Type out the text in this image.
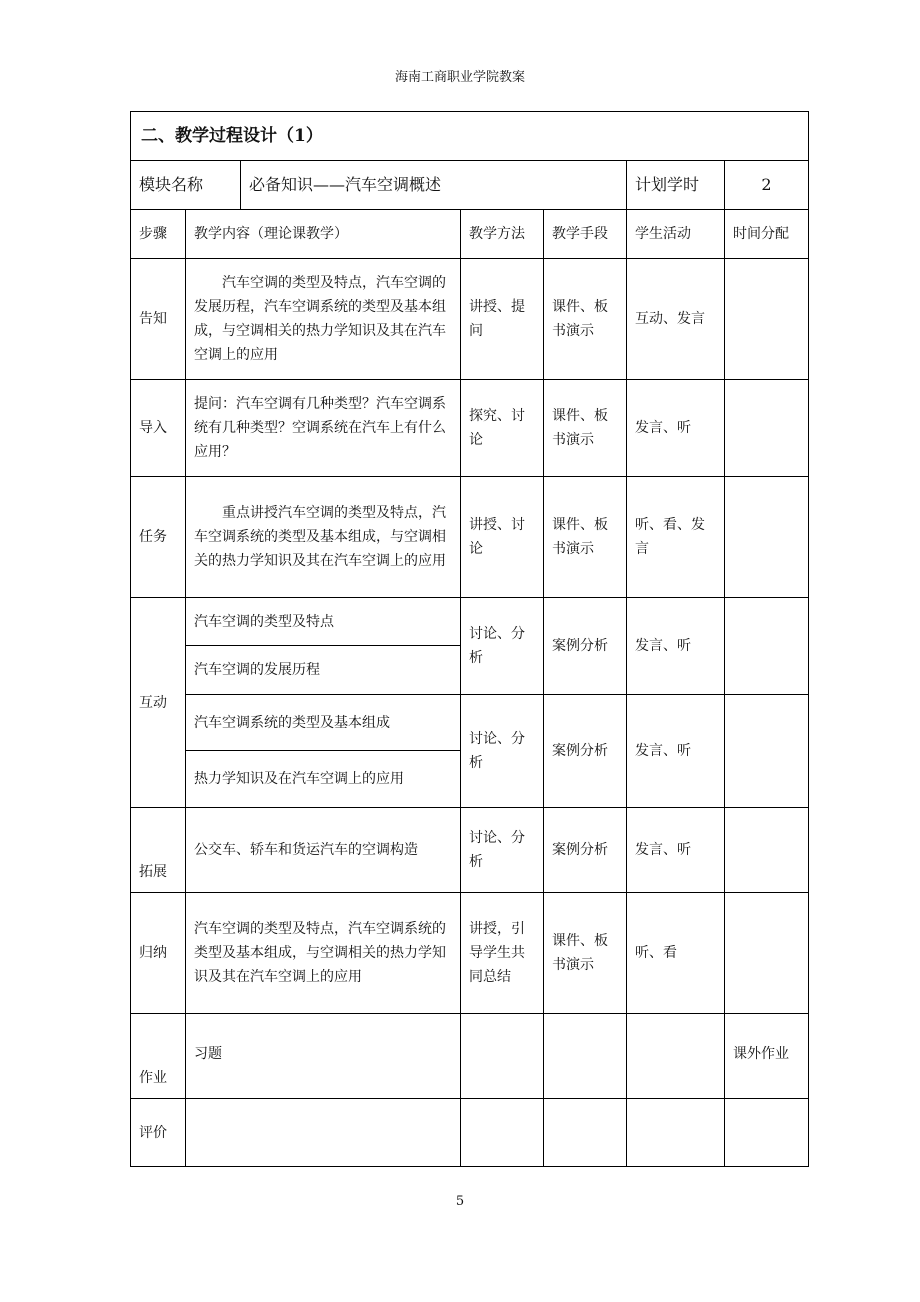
海南工商职业学院教案
二、教学过程设计（1）						
模块名称		必备知识——汽车空调概述			计划学时	2
步骤	教学内容（理论课教学）		教学方法	教学手段	学生活动	时间分配
告知	汽车空调的类型及特点，汽车空调的发展历程，汽车空调系统的类型及基本组成，与空调相关的热力学知识及其在汽车空调上的应用		讲授、提问	课件、板书演示	互动、发言	
导入	提问：汽车空调有几种类型？汽车空调系统有几种类型？空调系统在汽车上有什么应用？		探究、讨论	课件、板书演示	发言、听	
任务	重点讲授汽车空调的类型及特点，汽车空调系统的类型及基本组成，与空调相关的热力学知识及其在汽车空调上的应用		讲授、讨论	课件、板书演示	听、看、发言	
互动	汽车空调的类型及特点		讨论、分析	案例分析	发言、听	
	汽车空调的发展历程					
	汽车空调系统的类型及基本组成		讨论、分析	案例分析	发言、听	
	热力学知识及在汽车空调上的应用					
拓展	公交车、轿车和货运汽车的空调构造		讨论、分析	案例分析	发言、听	
归纳	汽车空调的类型及特点，汽车空调系统的类型及基本组成，与空调相关的热力学知识及其在汽车空调上的应用		讲授，引导学生共同总结	课件、板书演示	听、看	
作业	习题					课外作业
评价						
5
